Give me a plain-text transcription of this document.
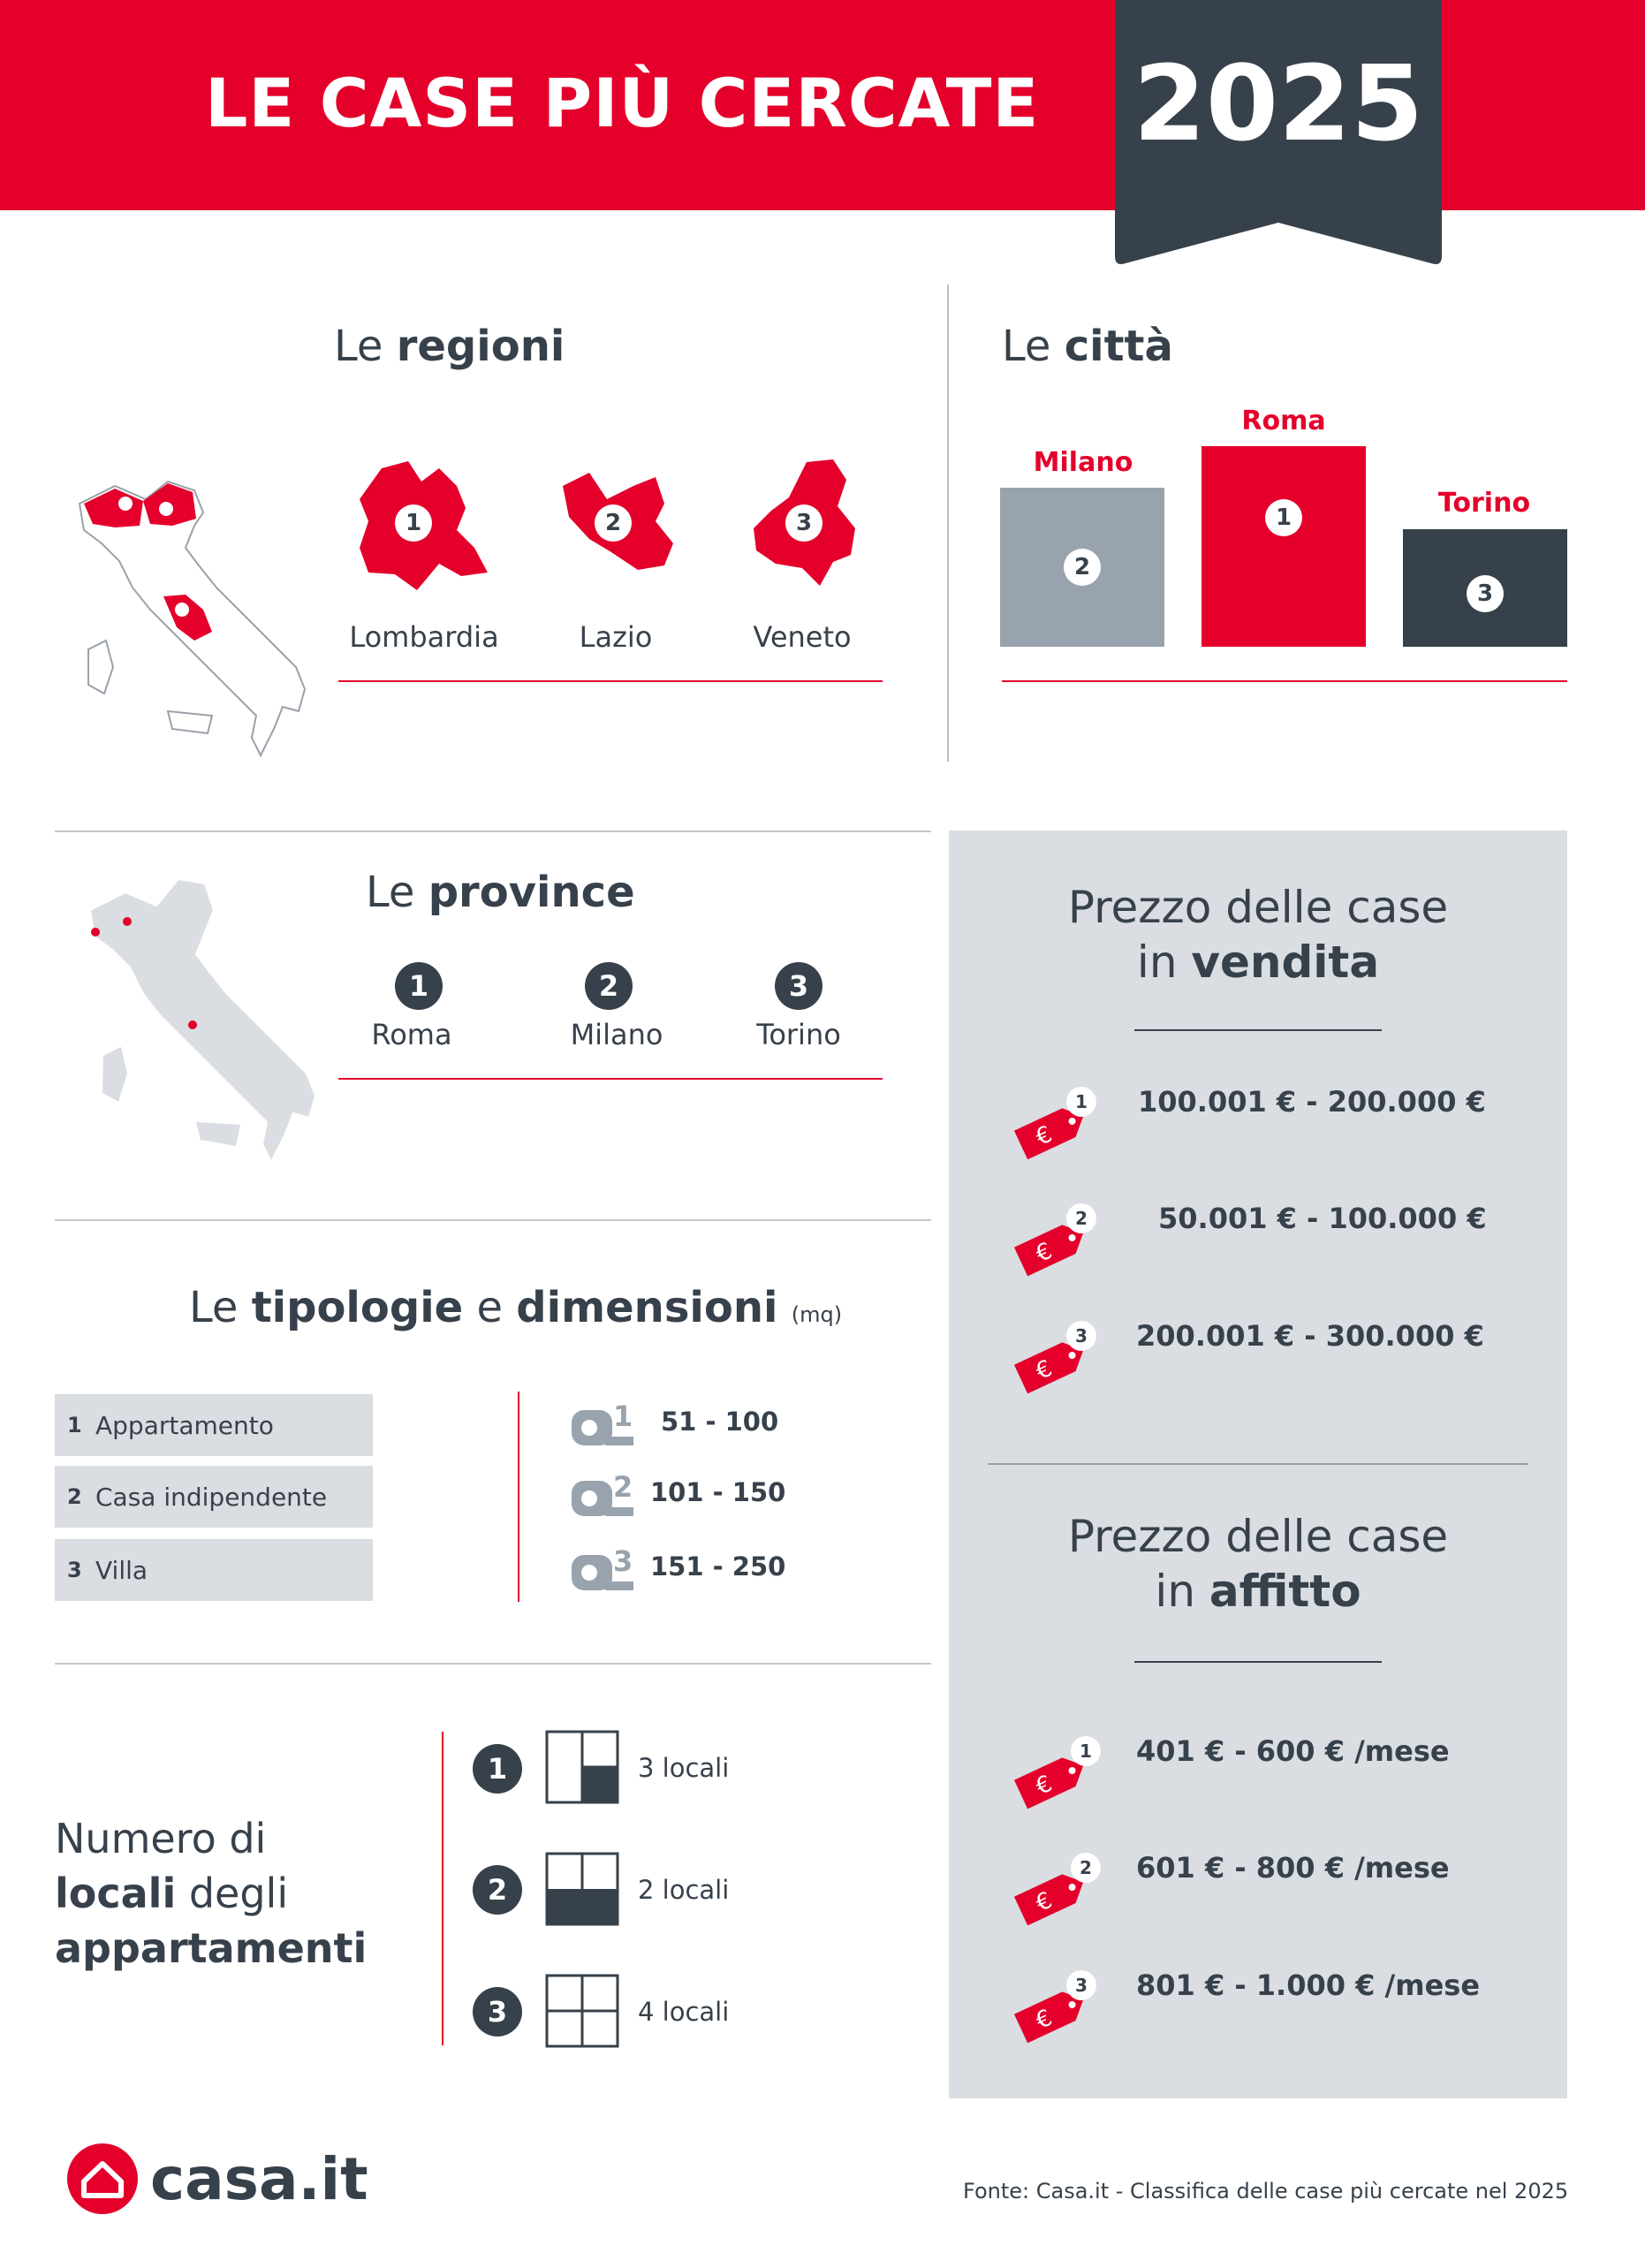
LE CASE PIÙ CERCATE 2025
Le regioni
1	2	3
Lombardia	Lazio	Veneto
Le città
Milano
Roma
Torino
2
1
3
Le province
1	2	3
Roma	Milano	Torino
Le tipologie e dimensioni (mq)
1 Appartamento
2 Casa indipendente
3 Villa
1 51 - 100
2 101 - 150
3 151 - 250
Numero di
locali degli
appartamenti
1	3 locali
2	2 locali
3	4 locali
Prezzo delle case
in vendita
€
1	100.001 € - 200.000 €
€
2	50.001 € - 100.000 €
€
3	200.001 € - 300.000 €
Prezzo delle case
in affitto
€
1	401 € - 600 € /mese
€
2	601 € - 800 € /mese
€
3	801 € - 1.000 € /mese
casa.it	Fonte: Casa.it - Classifica delle case più cercate nel 2025
